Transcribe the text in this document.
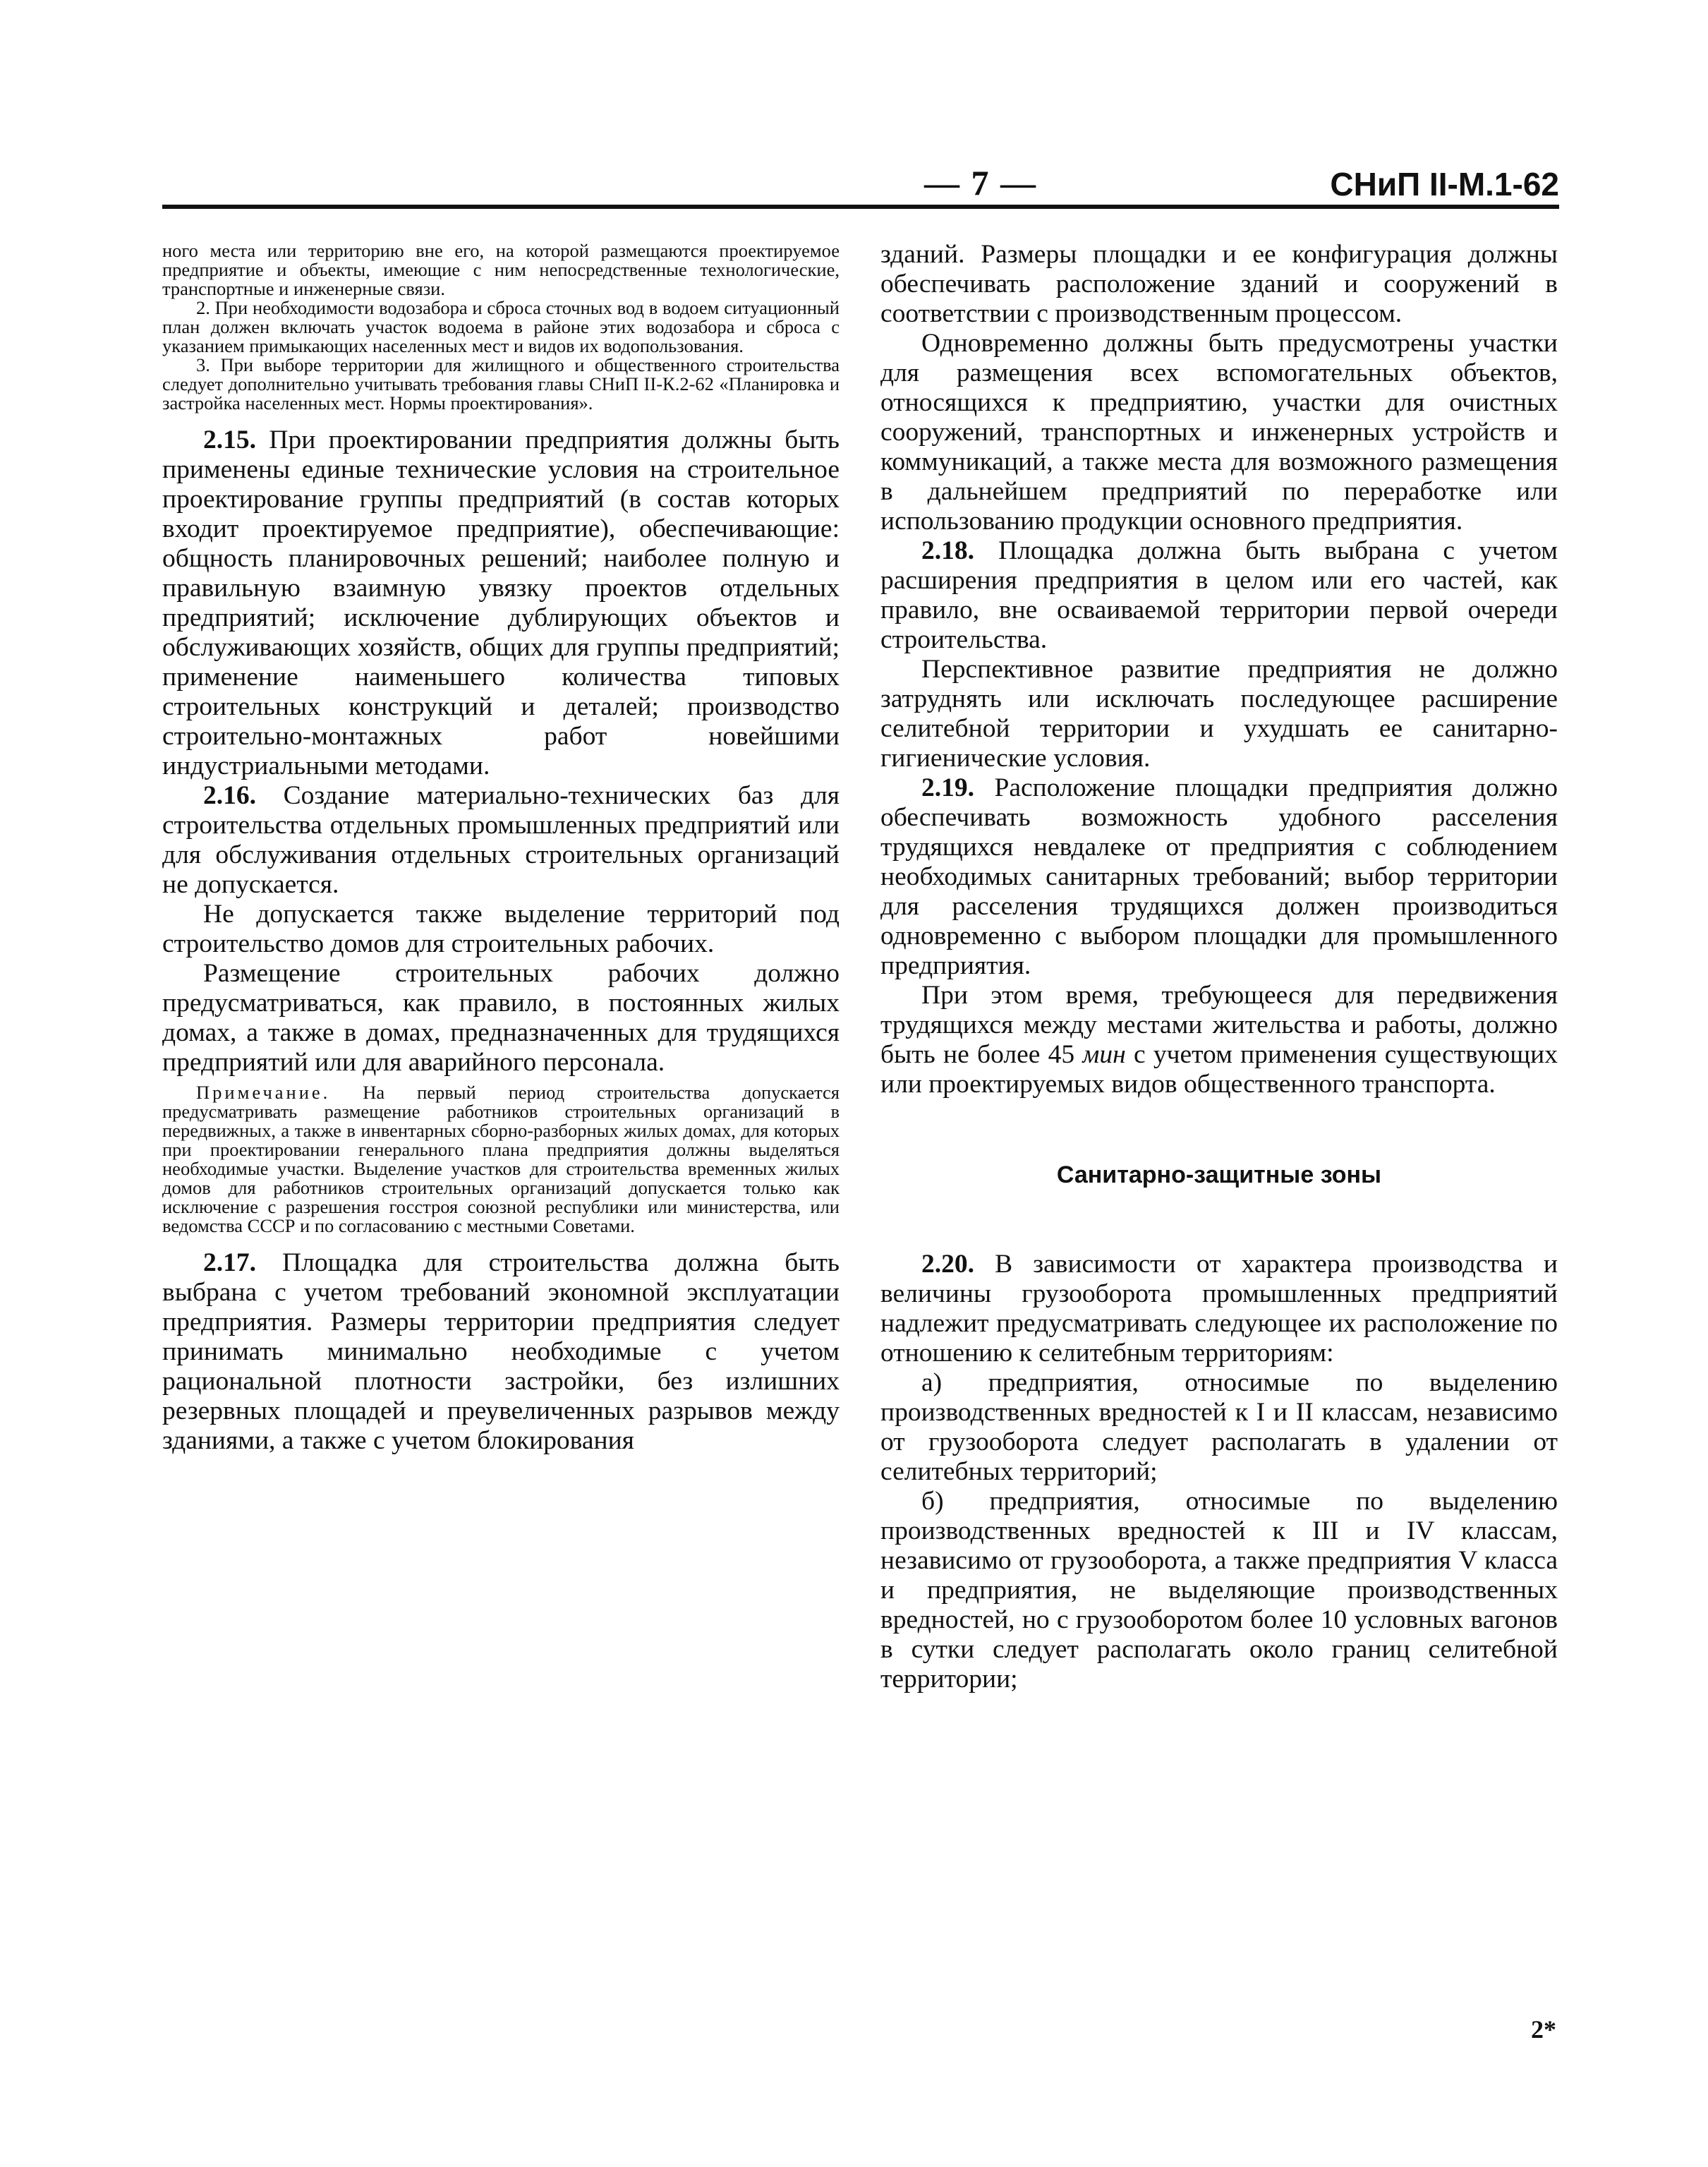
— 7 —	СНиП II-М.1-62

ного места или территорию вне его, на которой размещаются проектируемое предприятие и объекты, имеющие с ним непосредственные технологические, транспортные и инженерные связи.

2. При необходимости водозабора и сброса сточных вод в водоем ситуационный план должен включать участок водоема в районе этих водозабора и сброса с указанием примыкающих населенных мест и видов их водопользования.

3. При выборе территории для жилищного и общественного строительства следует дополнительно учитывать требования главы СНиП II-К.2-62 «Планировка и застройка населенных мест. Нормы проектирования».

2.15. При проектировании предприятия должны быть применены единые технические условия на строительное проектирование группы предприятий (в состав которых входит проектируемое предприятие), обеспечивающие: общность планировочных решений; наиболее полную и правильную взаимную увязку проектов отдельных предприятий; исключение дублирующих объектов и обслуживающих хозяйств, общих для группы предприятий; применение наименьшего количества типовых строительных конструкций и деталей; производство строительно-монтажных работ новейшими индустриальными методами.

2.16. Создание материально-технических баз для строительства отдельных промышленных предприятий или для обслуживания отдельных строительных организаций не допускается.

Не допускается также выделение территорий под строительство домов для строительных рабочих.

Размещение строительных рабочих должно предусматриваться, как правило, в постоянных жилых домах, а также в домах, предназначенных для трудящихся предприятий или для аварийного персонала.

Примечание. На первый период строительства допускается предусматривать размещение работников строительных организаций в передвижных, а также в инвентарных сборно-разборных жилых домах, для которых при проектировании генерального плана предприятия должны выделяться необходимые участки. Выделение участков для строительства временных жилых домов для работников строительных организаций допускается только как исключение с разрешения госстроя союзной республики или министерства, или ведомства СССР и по согласованию с местными Советами.

2.17. Площадка для строительства должна быть выбрана с учетом требований экономной эксплуатации предприятия. Размеры территории предприятия следует принимать минимально необходимые с учетом рациональной плотности застройки, без излишних резервных площадей и преувеличенных разрывов между зданиями, а также с учетом блокирования

зданий. Размеры площадки и ее конфигурация должны обеспечивать расположение зданий и сооружений в соответствии с производственным процессом.

Одновременно должны быть предусмотрены участки для размещения всех вспомогательных объектов, относящихся к предприятию, участки для очистных сооружений, транспортных и инженерных устройств и коммуникаций, а также места для возможного размещения в дальнейшем предприятий по переработке или использованию продукции основного предприятия.

2.18. Площадка должна быть выбрана с учетом расширения предприятия в целом или его частей, как правило, вне осваиваемой территории первой очереди строительства.

Перспективное развитие предприятия не должно затруднять или исключать последующее расширение селитебной территории и ухудшать ее санитарно-гигиенические условия.

2.19. Расположение площадки предприятия должно обеспечивать возможность удобного расселения трудящихся невдалеке от предприятия с соблюдением необходимых санитарных требований; выбор территории для расселения трудящихся должен производиться одновременно с выбором площадки для промышленного предприятия.

При этом время, требующееся для передвижения трудящихся между местами жительства и работы, должно быть не более 45 мин с учетом применения существующих или проектируемых видов общественного транспорта.

Санитарно-защитные зоны

2.20. В зависимости от характера производства и величины грузооборота промышленных предприятий надлежит предусматривать следующее их расположение по отношению к селитебным территориям:

а) предприятия, относимые по выделению производственных вредностей к I и II классам, независимо от грузооборота следует располагать в удалении от селитебных территорий;

б) предприятия, относимые по выделению производственных вредностей к III и IV классам, независимо от грузооборота, а также предприятия V класса и предприятия, не выделяющие производственных вредностей, но с грузооборотом более 10 условных вагонов в сутки следует располагать около границ селитебной территории;

2*
